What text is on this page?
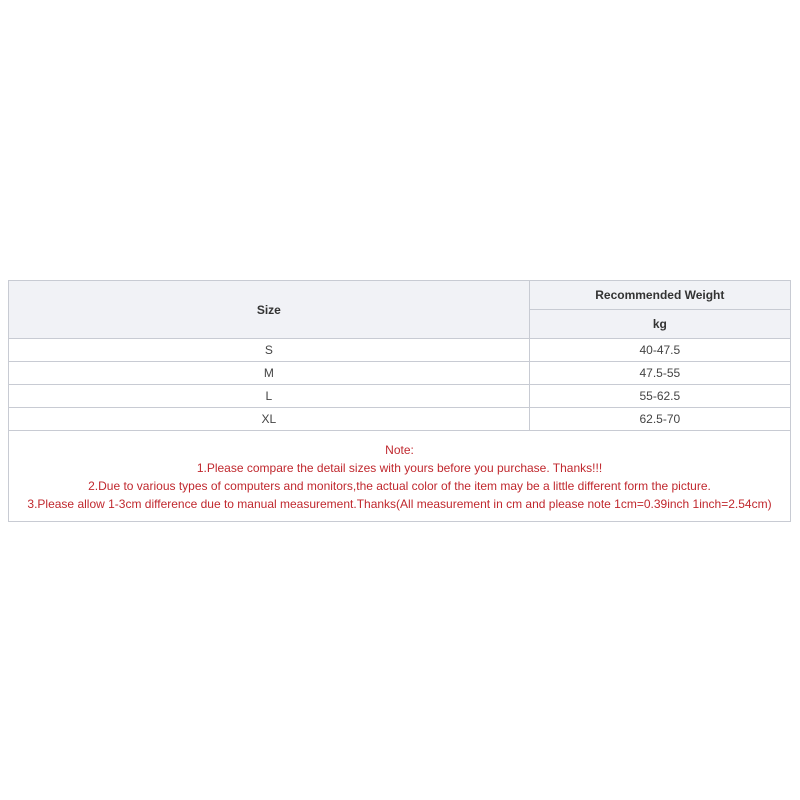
Size	Recommended Weight
	kg
S	40-47.5
M	47.5-55
L	55-62.5
XL	62.5-70

Note:
1.Please compare the detail sizes with yours before you purchase. Thanks!!!
2.Due to various types of computers and monitors,the actual color of the item may be a little different form the picture.
3.Please allow 1-3cm difference due to manual measurement.Thanks(All measurement in cm and please note 1cm=0.39inch 1inch=2.54cm)	
